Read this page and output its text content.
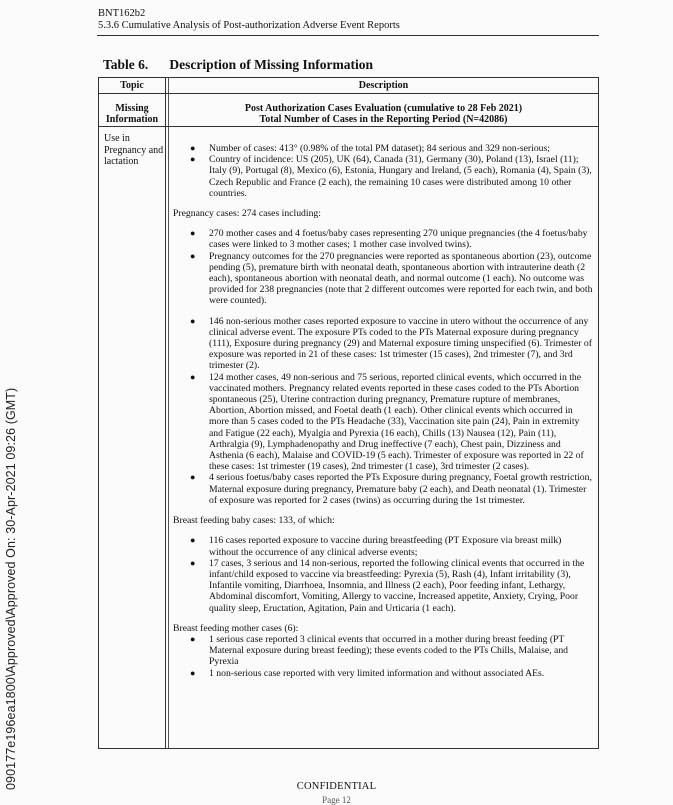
090177e196ea1800\Approved\Approved On: 30-Apr-2021 09:26 (GMT)
BNT162b2
5.3.6 Cumulative Analysis of Post-authorization Adverse Event Reports
Table 6. Description of Missing Information
Topic	Description
Missing
Information
Post Authorization Cases Evaluation (cumulative to 28 Feb 2021)
Total Number of Cases in the Reporting Period (N=42086)
Use in Pregnancy and lactation
● Number of cases: 413° (0.98% of the total PM dataset); 84 serious and 329 non-serious;
● Country of incidence: US (205), UK (64), Canada (31), Germany (30), Poland (13), Israel (11); Italy (9), Portugal (8), Mexico (6), Estonia, Hungary and Ireland, (5 each), Romania (4), Spain (3), Czech Republic and France (2 each), the remaining 10 cases were distributed among 10 other countries.

Pregnancy cases: 274 cases including:

● 270 mother cases and 4 foetus/baby cases representing 270 unique pregnancies (the 4 foetus/baby cases were linked to 3 mother cases; 1 mother case involved twins).
● Pregnancy outcomes for the 270 pregnancies were reported as spontaneous abortion (23), outcome pending (5), premature birth with neonatal death, spontaneous abortion with intrauterine death (2 each), spontaneous abortion with neonatal death, and normal outcome (1 each). No outcome was provided for 238 pregnancies (note that 2 different outcomes were reported for each twin, and both were counted).
● 146 non-serious mother cases reported exposure to vaccine in utero without the occurrence of any clinical adverse event. The exposure PTs coded to the PTs Maternal exposure during pregnancy (111), Exposure during pregnancy (29) and Maternal exposure timing unspecified (6). Trimester of exposure was reported in 21 of these cases: 1st trimester (15 cases), 2nd trimester (7), and 3rd trimester (2).
● 124 mother cases, 49 non-serious and 75 serious, reported clinical events, which occurred in the vaccinated mothers. Pregnancy related events reported in these cases coded to the PTs Abortion spontaneous (25), Uterine contraction during pregnancy, Premature rupture of membranes, Abortion, Abortion missed, and Foetal death (1 each). Other clinical events which occurred in more than 5 cases coded to the PTs Headache (33), Vaccination site pain (24), Pain in extremity and Fatigue (22 each), Myalgia and Pyrexia (16 each), Chills (13) Nausea (12), Pain (11), Arthralgia (9), Lymphadenopathy and Drug ineffective (7 each), Chest pain, Dizziness and Asthenia (6 each), Malaise and COVID-19 (5 each). Trimester of exposure was reported in 22 of these cases: 1st trimester (19 cases), 2nd trimester (1 case), 3rd trimester (2 cases).
● 4 serious foetus/baby cases reported the PTs Exposure during pregnancy, Foetal growth restriction, Maternal exposure during pregnancy, Premature baby (2 each), and Death neonatal (1). Trimester of exposure was reported for 2 cases (twins) as occurring during the 1st trimester.

Breast feeding baby cases: 133, of which:

● 116 cases reported exposure to vaccine during breastfeeding (PT Exposure via breast milk) without the occurrence of any clinical adverse events;
● 17 cases, 3 serious and 14 non-serious, reported the following clinical events that occurred in the infant/child exposed to vaccine via breastfeeding: Pyrexia (5), Rash (4), Infant irritability (3), Infantile vomiting, Diarrhoea, Insomnia, and Illness (2 each), Poor feeding infant, Lethargy, Abdominal discomfort, Vomiting, Allergy to vaccine, Increased appetite, Anxiety, Crying, Poor quality sleep, Eructation, Agitation, Pain and Urticaria (1 each).

Breast feeding mother cases (6):

● 1 serious case reported 3 clinical events that occurred in a mother during breast feeding (PT Maternal exposure during breast feeding); these events coded to the PTs Chills, Malaise, and Pyrexia
● 1 non-serious case reported with very limited information and without associated AEs.
CONFIDENTIAL
Page 12
